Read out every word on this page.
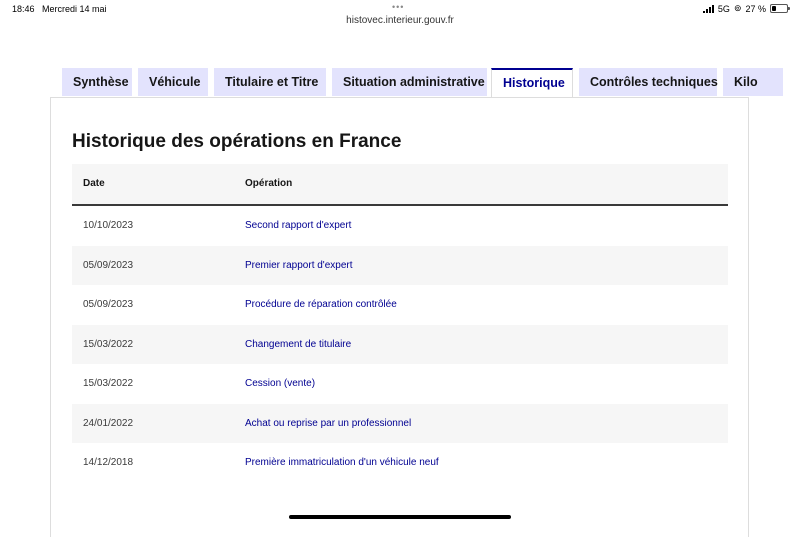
18:46 Mercredi 14 mai	•••
histovec.interieur.gouv.fr
5G ⊚ 27 %
Synthèse	Véhicule	Titulaire et Titre	Situation administrative	Historique	Contrôles techniques	Kilo
Historique des opérations en France
Date	Opération
10/10/2023	Second rapport d'expert
05/09/2023	Premier rapport d'expert
05/09/2023	Procédure de réparation contrôlée
15/03/2022	Changement de titulaire
15/03/2022	Cession (vente)
24/01/2022	Achat ou reprise par un professionnel
14/12/2018	Première immatriculation d'un véhicule neuf
